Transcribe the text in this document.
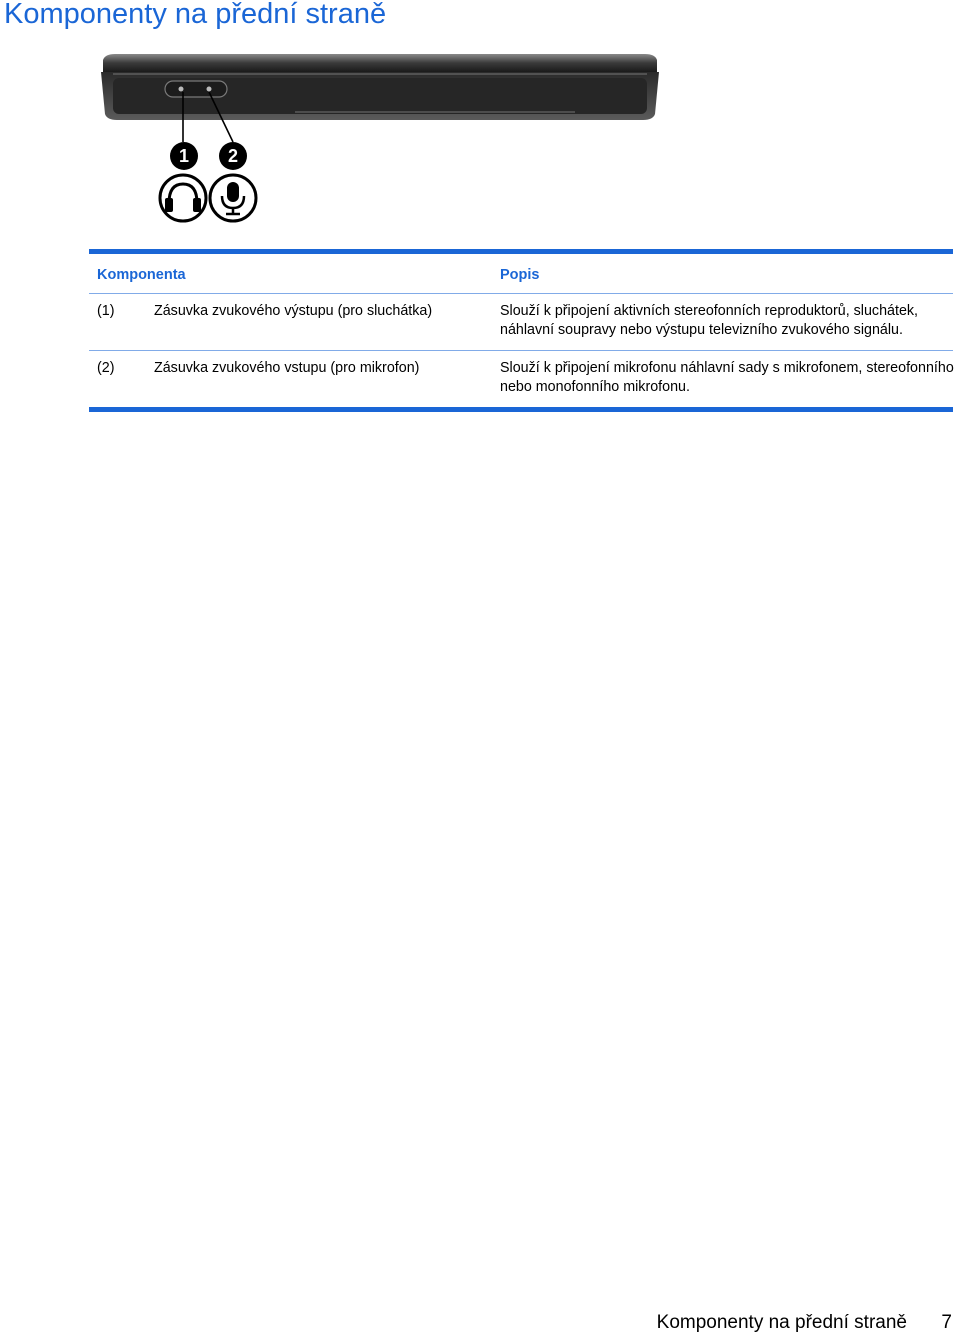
Komponenty na přední straně
1 2
Komponenta	Popis
(1)	Zásuvka zvukového výstupu (pro sluchátka)	Slouží k připojení aktivních stereofonních reproduktorů, sluchátek, náhlavní soupravy nebo výstupu televizního zvukového signálu.
(2)	Zásuvka zvukového vstupu (pro mikrofon)	Slouží k připojení mikrofonu náhlavní sady s mikrofonem, stereofonního nebo monofonního mikrofonu.
Komponenty na přední straně 7
